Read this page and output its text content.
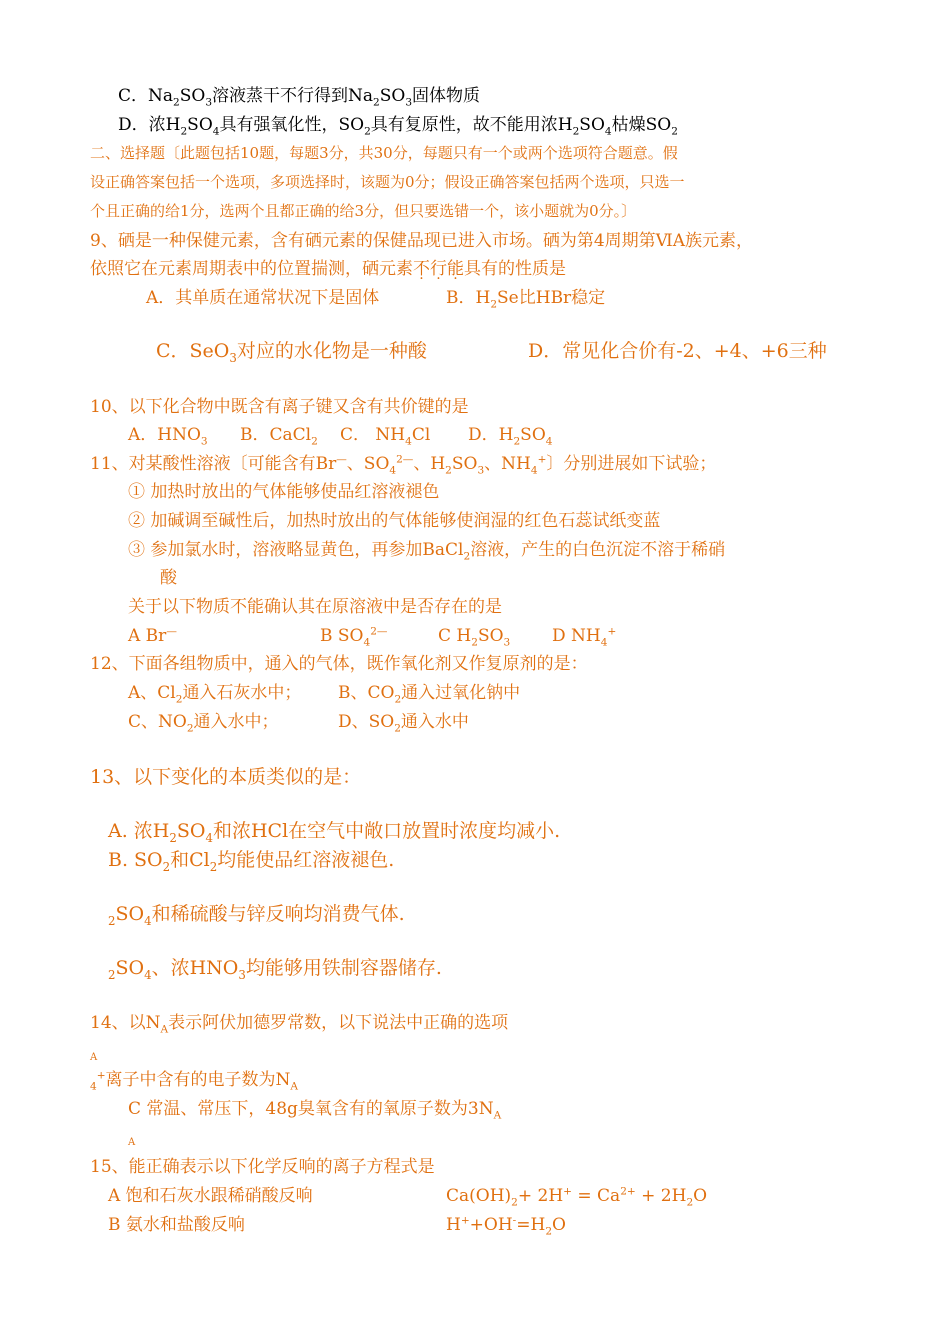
C．$Na_2SO_3$溶液蒸干不行得到$Na_2SO_3$固体物质
D．浓$H_2SO_4$具有强氧化性，$SO_2$具有复原性，故不能用浓$H_2SO_4$枯燥$SO_2$
二、选择题〔此题包括10题，每题3分，共30分，每题只有一个或两个选项符合题意。假
设正确答案包括一个选项，多项选择时，该题为0分；假设正确答案包括两个选项，只选一
个且正确的给1分，选两个且都正确的给3分，但只要选错一个，该小题就为0分。〕
9、硒是一种保健元素，含有硒元素的保健品现已进入市场。硒为第4周期第ⅥA族元素，
依照它在元素周期表中的位置揣测，硒元素不行能具有的性质是
A．其单质在通常状况下是固体	B．$H_2Se$比HBr稳定
C．SeO$_3$对应的水化物是一种酸	D．常见化合价有-2、+4、+6三种
10、以下化合物中既含有离子键又含有共价键的是
A．$HNO_3$ B．CaCl$_2$ C． $NH_4Cl$ D．$H_2SO_4$
11、对某酸性溶液〔可能含有Br—、$SO_4^{2—}$、$H_2SO_3$、$NH_4^+$〕分别进展如下试验；
① 加热时放出的气体能够使品红溶液褪色
② 加碱调至碱性后，加热时放出的气体能够使润湿的红色石蕊试纸变蓝
③ 参加氯水时，溶液略显黄色，再参加BaCl$_2$溶液，产生的白色沉淀不溶于稀硝
酸
关于以下物质不能确认其在原溶液中是否存在的是
A Br—	B $SO_4^{2—}$	C $H_2SO_3$ D $NH_4^+$
12、下面各组物质中，通入的气体，既作氧化剂又作复原剂的是：
A、$Cl_2$通入石灰水中； B、$CO_2$通入过氧化钠中
C、$NO_2$通入水中；	D、$SO_2$通入水中
13、以下变化的本质类似的是：
A. 浓$H_2SO_4$和浓HCl在空气中敞口放置时浓度均减小.
B. $SO_2$和$Cl_2$均能使品红溶液褪色.
$_2SO_4$和稀硫酸与锌反响均消费气体.
$_2SO_4$、浓$HNO_3$均能够用铁制容器储存.
14、以$N_A$表示阿伏加德罗常数，以下说法中正确的选项
A
$_4$+离子中含有的电子数为$N_A$
C 常温、常压下，48g臭氧含有的氧原子数为$3N_A$
A
15、能正确表示以下化学反响的离子方程式是
A 饱和石灰水跟稀硝酸反响	$Ca(OH)_2+ 2H^+ = Ca^{2+} + 2H_2O$
B 氨水和盐酸反响	$H^++OH^-=H_2O$
